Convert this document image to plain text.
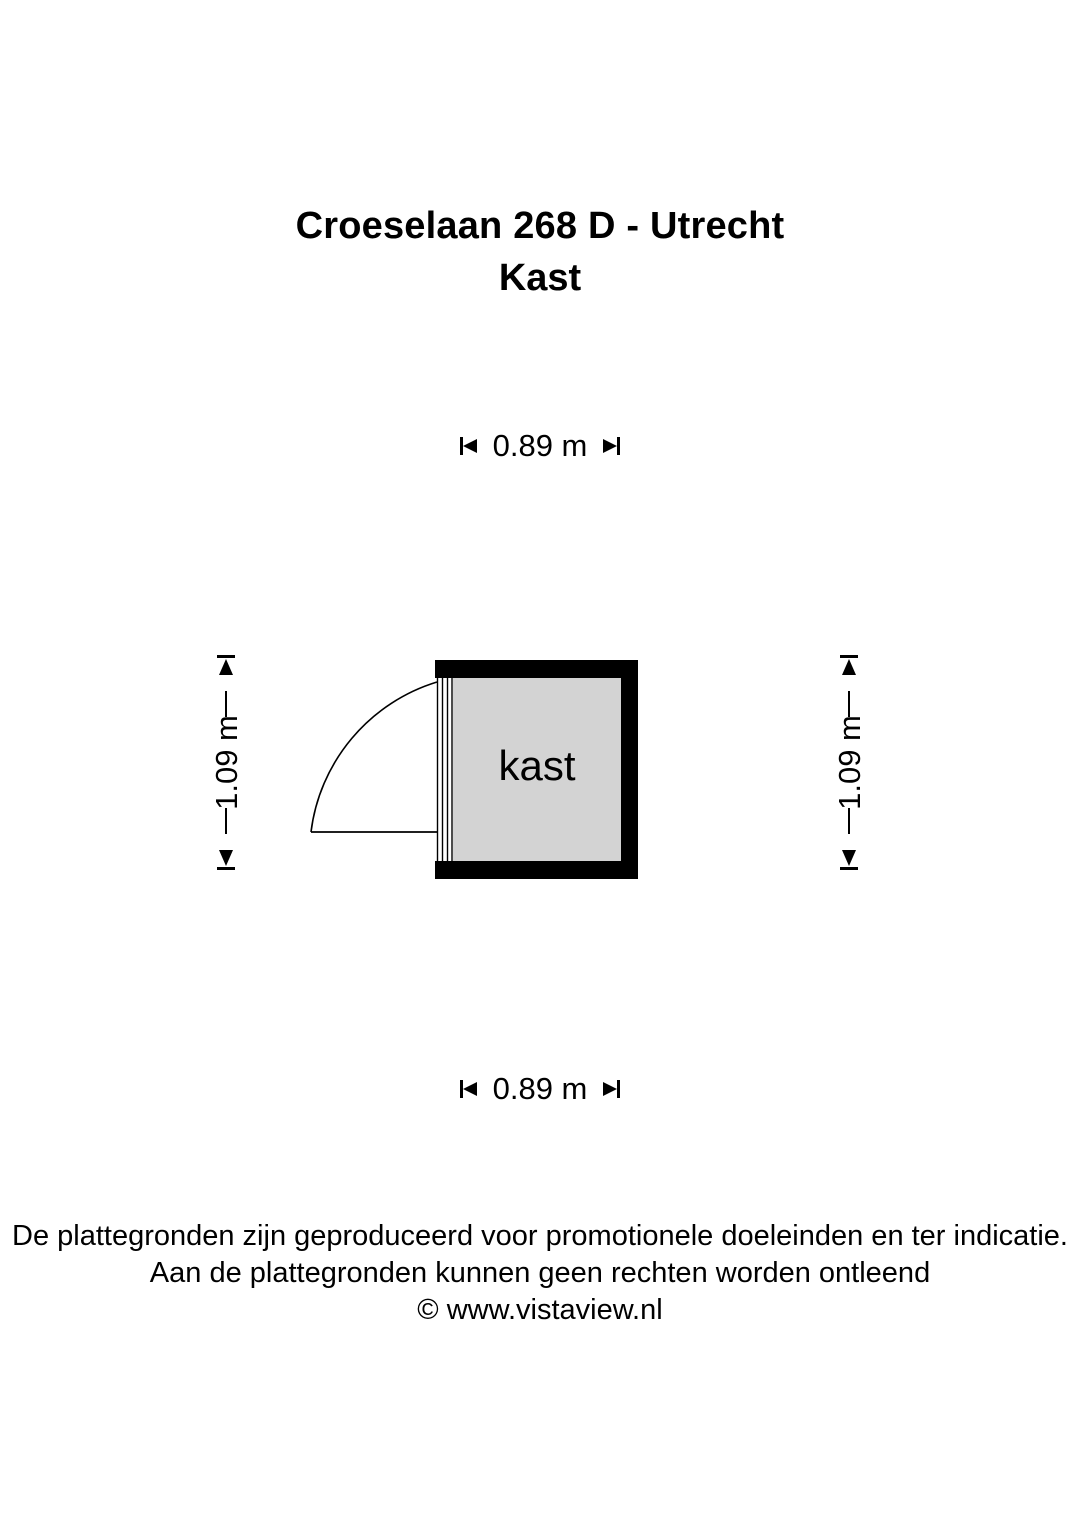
Croeselaan 268 D - Utrecht
Kast
0.89 m
1.09 m	1.09 m
kast
De plattegronden zijn geproduceerd voor promotionele doeleinden en ter indicatie.
Aan de plattegronden kunnen geen rechten worden ontleend
© www.vistaview.nl
0.89 m
